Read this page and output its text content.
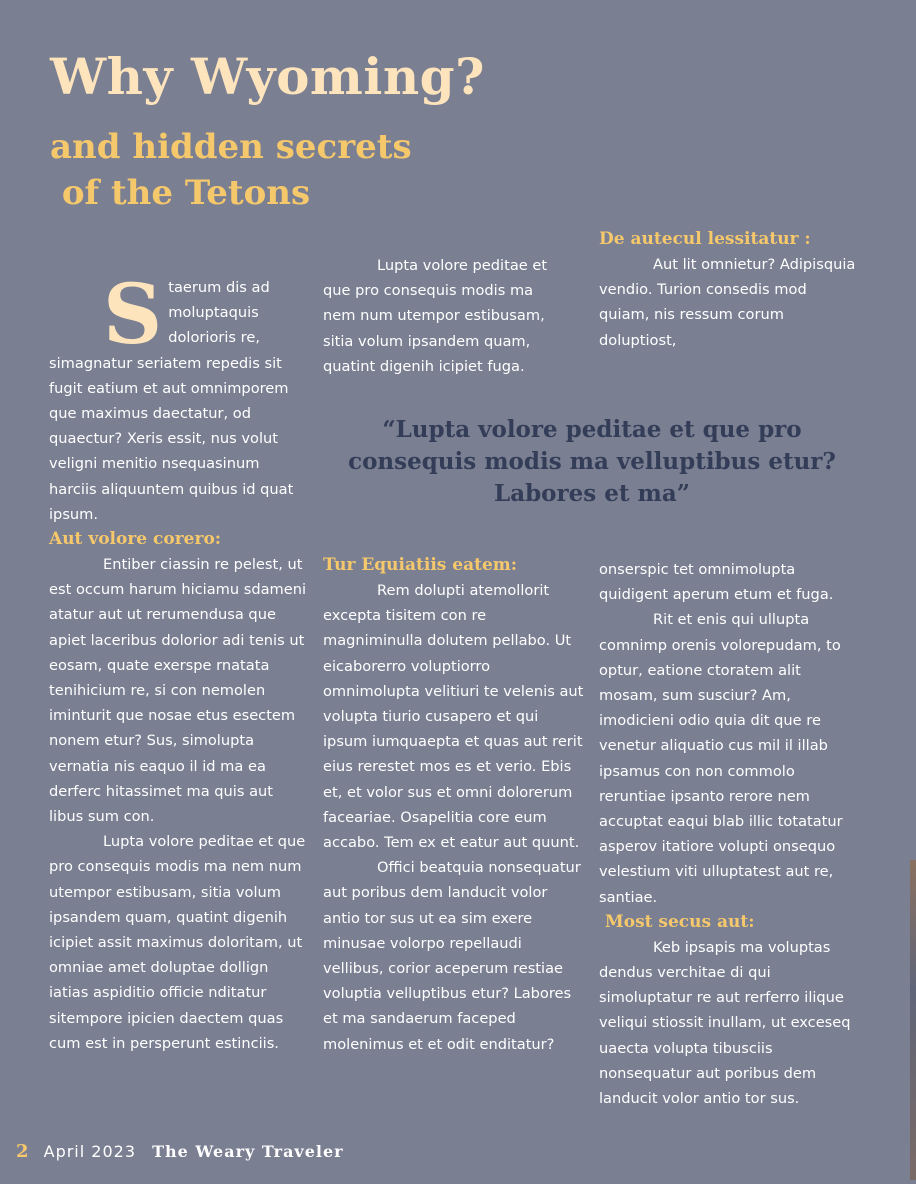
Why Wyoming?
and hidden secrets
of the Tetons
S taerum dis ad moluptaquis dolorioris re, simagnatur seriatem repedis sit fugit eatium et aut omnimporem que maximus daectatur, od quaectur? Xeris essit, nus volut veligni menitio nsequasinum harciis aliquuntem quibus id quat ipsum.

Aut volore corero:

Entiber ciassin re pelest, ut est occum harum hiciamu sdameni atatur aut ut rerumendusa que apiet laceribus dolorior adi tenis ut eosam, quate exerspe rnatata tenihicium re, si con nemolen iminturit que nosae etus esectem nonem etur? Sus, simolupta vernatia nis eaquo il id ma ea derferc hitassimet ma quis aut libus sum con.

Lupta volore peditae et que pro consequis modis ma nem num utempor estibusam, sitia volum ipsandem quam, quatint digenih icipiet assit maximus doloritam, ut omniae amet doluptae dollign iatias aspiditio officie nditatur sitempore ipicien daectem quas cum est in persperunt estinciis.

Lupta volore peditae et que pro consequis modis ma nem num utempor estibusam, sitia volum ipsandem quam, quatint digenih icipiet fuga.

De autecul lessitatur :

Aut lit omnietur? Adipisquia vendio. Turion consedis mod quiam, nis ressum corum doluptiost,

“Lupta volore peditae et que pro consequis modis ma velluptibus etur? Labores et ma”

Tur Equiatiis eatem:

Rem dolupti atemollorit excepta tisitem con re magniminulla dolutem pellabo. Ut eicaborerro voluptiorro omnimolupta velitiuri te velenis aut volupta tiurio cusapero et qui ipsum iumquaepta et quas aut rerit eius rerestet mos es et verio. Ebis et, et volor sus et omni dolorerum faceariae. Osapelitia core eum accabo. Tem ex et eatur aut quunt.

Offici beatquia nonsequatur aut poribus dem landucit volor antio tor sus ut ea sim exere minusae volorpo repellaudi vellibus, corior aceperum restiae voluptia velluptibus etur? Labores et ma sandaerum faceped molenimus et et odit enditatur?

onserspic tet omnimolupta quidigent aperum etum et fuga.

Rit et enis qui ullupta comnimp orenis volorepudam, to optur, eatione ctoratem alit mosam, sum susciur? Am, imodicieni odio quia dit que re venetur aliquatio cus mil il illab ipsamus con non commolo reruntiae ipsanto rerore nem accuptat eaqui blab illic totatatur asperov itatiore volupti onsequo velestium viti ulluptatest aut re, santiae.

Most secus aut:

Keb ipsapis ma voluptas dendus verchitae di qui simoluptatur re aut rerferro ilique veliqui stiossit inullam, ut exceseq uaecta volupta tibusciis nonsequatur aut poribus dem landucit volor antio tor sus.

2 April 2023 The Weary Traveler
